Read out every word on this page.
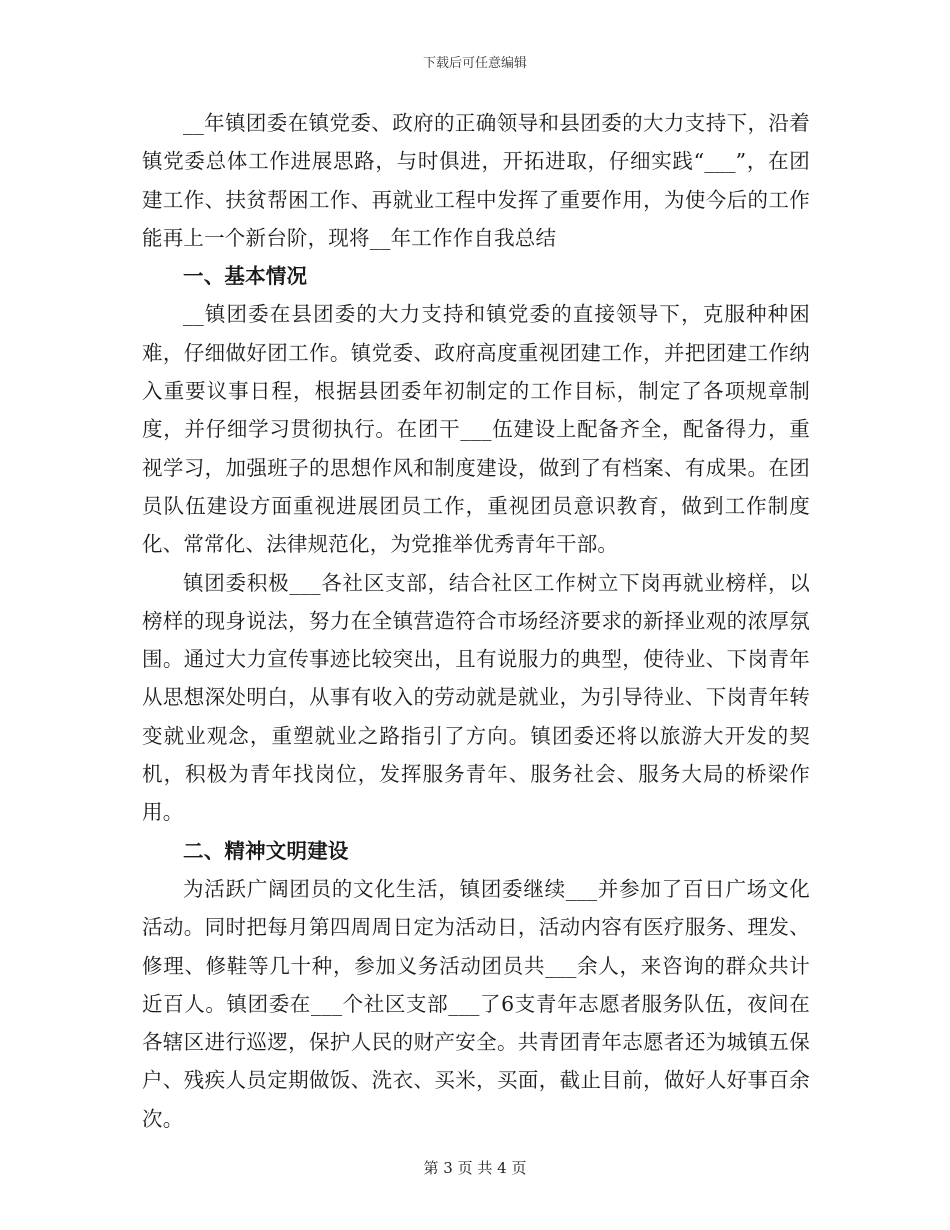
下载后可任意编辑

__年镇团委在镇党委、政府的正确领导和县团委的大力支持下，沿着镇党委总体工作进展思路，与时俱进，开拓进取，仔细实践“___”，在团建工作、扶贫帮困工作、再就业工程中发挥了重要作用，为使今后的工作能再上一个新台阶，现将__年工作作自我总结

一、基本情况

__镇团委在县团委的大力支持和镇党委的直接领导下，克服种种困难，仔细做好团工作。镇党委、政府高度重视团建工作，并把团建工作纳入重要议事日程，根据县团委年初制定的工作目标，制定了各项规章制度，并仔细学习贯彻执行。在团干___伍建设上配备齐全，配备得力，重视学习，加强班子的思想作风和制度建设，做到了有档案、有成果。在团员队伍建设方面重视进展团员工作，重视团员意识教育，做到工作制度化、常常化、法律规范化，为党推举优秀青年干部。

镇团委积极___各社区支部，结合社区工作树立下岗再就业榜样，以榜样的现身说法，努力在全镇营造符合市场经济要求的新择业观的浓厚氛围。通过大力宣传事迹比较突出，且有说服力的典型，使待业、下岗青年从思想深处明白，从事有收入的劳动就是就业，为引导待业、下岗青年转变就业观念，重塑就业之路指引了方向。镇团委还将以旅游大开发的契机，积极为青年找岗位，发挥服务青年、服务社会、服务大局的桥梁作用。

二、精神文明建设

为活跃广阔团员的文化生活，镇团委继续___并参加了百日广场文化活动。同时把每月第四周周日定为活动日，活动内容有医疗服务、理发、修理、修鞋等几十种，参加义务活动团员共___余人，来咨询的群众共计近百人。镇团委在___个社区支部___了6支青年志愿者服务队伍，夜间在各辖区进行巡逻，保护人民的财产安全。共青团青年志愿者还为城镇五保户、残疾人员定期做饭、洗衣、买米，买面，截止目前，做好人好事百余次。

第 3 页 共 4 页
